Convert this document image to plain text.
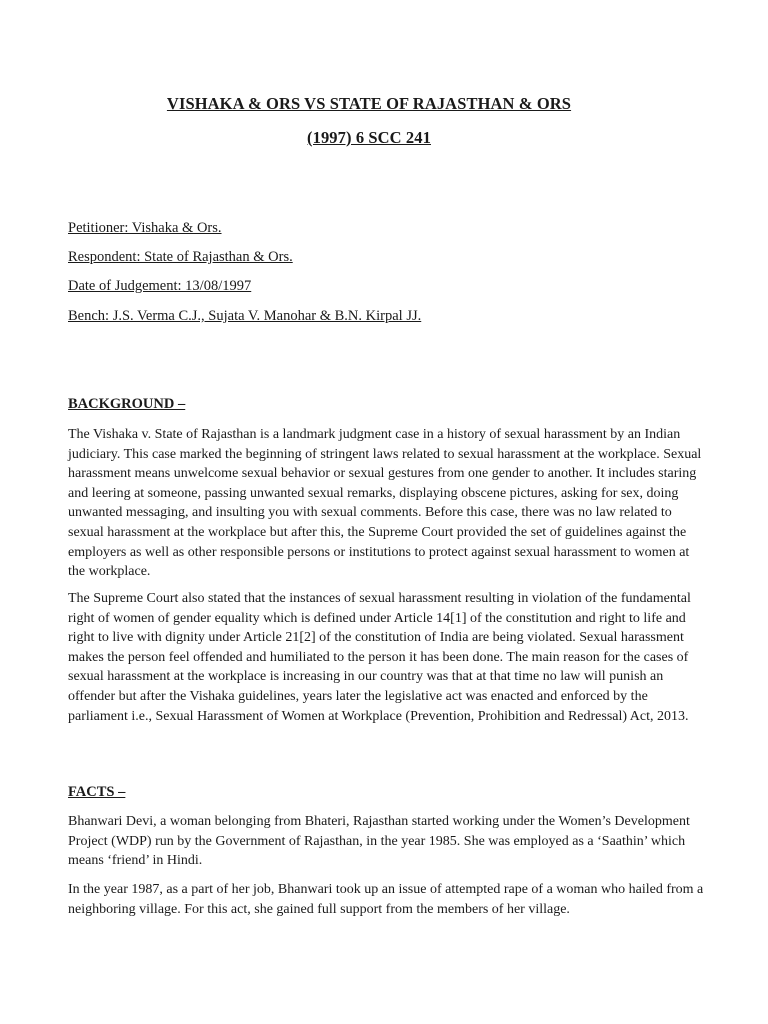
VISHAKA & ORS VS STATE OF RAJASTHAN & ORS

(1997) 6 SCC 241

Petitioner: Vishaka & Ors.

Respondent: State of Rajasthan & Ors.

Date of Judgement: 13/08/1997

Bench: J.S. Verma C.J., Sujata V. Manohar & B.N. Kirpal JJ.

BACKGROUND –

The Vishaka v. State of Rajasthan is a landmark judgment case in a history of sexual harassment by an Indian judiciary. This case marked the beginning of stringent laws related to sexual harassment at the workplace. Sexual harassment means unwelcome sexual behavior or sexual gestures from one gender to another. It includes staring and leering at someone, passing unwanted sexual remarks, displaying obscene pictures, asking for sex, doing unwanted messaging, and insulting you with sexual comments. Before this case, there was no law related to sexual harassment at the workplace but after this, the Supreme Court provided the set of guidelines against the employers as well as other responsible persons or institutions to protect against sexual harassment to women at the workplace.

The Supreme Court also stated that the instances of sexual harassment resulting in violation of the fundamental right of women of gender equality which is defined under Article 14[1] of the constitution and right to life and right to live with dignity under Article 21[2] of the constitution of India are being violated. Sexual harassment makes the person feel offended and humiliated to the person it has been done. The main reason for the cases of sexual harassment at the workplace is increasing in our country was that at that time no law will punish an offender but after the Vishaka guidelines, years later the legislative act was enacted and enforced by the parliament i.e., Sexual Harassment of Women at Workplace (Prevention, Prohibition and Redressal) Act, 2013.

FACTS –

Bhanwari Devi, a woman belonging from Bhateri, Rajasthan started working under the Women’s Development Project (WDP) run by the Government of Rajasthan, in the year 1985. She was employed as a ‘Saathin’ which means ‘friend’ in Hindi.

In the year 1987, as a part of her job, Bhanwari took up an issue of attempted rape of a woman who hailed from a neighboring village. For this act, she gained full support from the members of her village.
